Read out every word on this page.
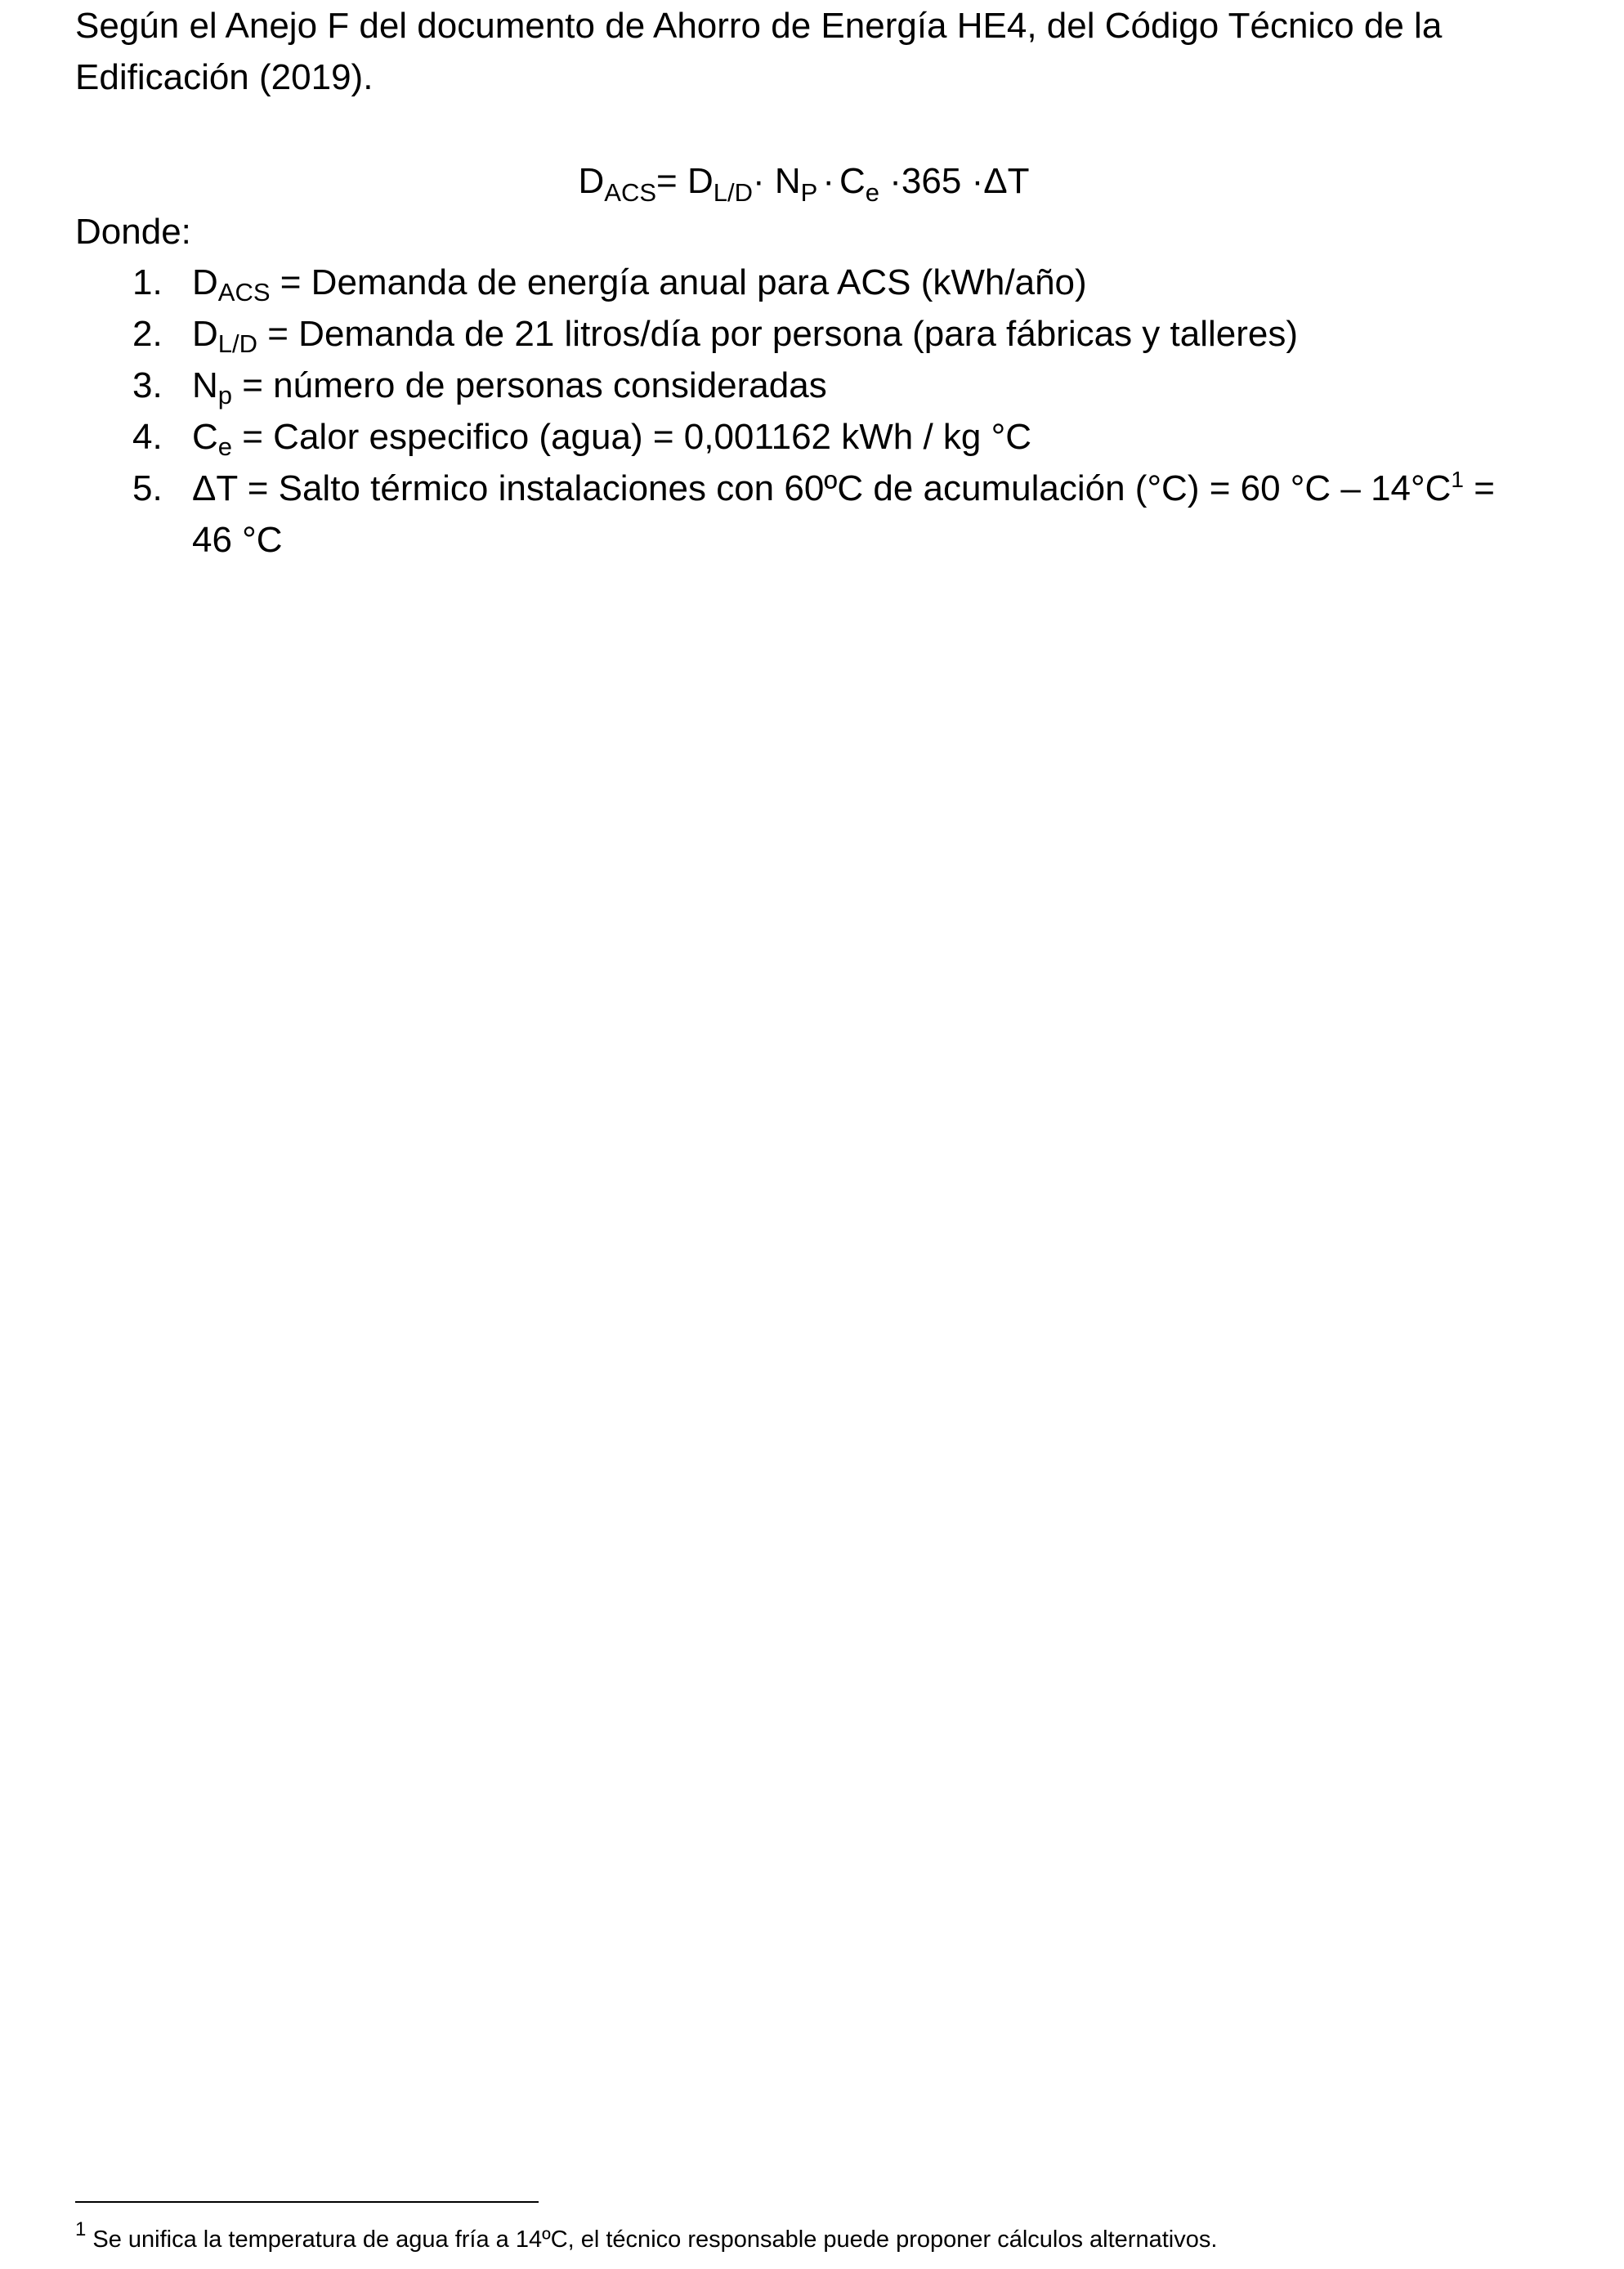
Según el Anejo F del documento de Ahorro de Energía HE4, del Código Técnico de la Edificación (2019).

$D_{ACS}= D_{L/D}\cdot N_P \cdot C_e \cdot 365 \cdot\Delta T$

Donde:

1. DACS = Demanda de energía anual para ACS (kWh/año)
2. DL/D = Demanda de 21 litros/día por persona (para fábricas y talleres)
3. Np = número de personas consideradas
4. Ce = Calor especifico (agua) = 0,001162 kWh / kg °C
5. ΔT = Salto térmico instalaciones con 60ºC de acumulación (°C) = 60 $^\circ C - 14^\circ C^1 = 46$ °C
$^1$ Se unifica la temperatura de agua fría a 14ºC, el técnico responsable puede proponer cálculos alternativos.
